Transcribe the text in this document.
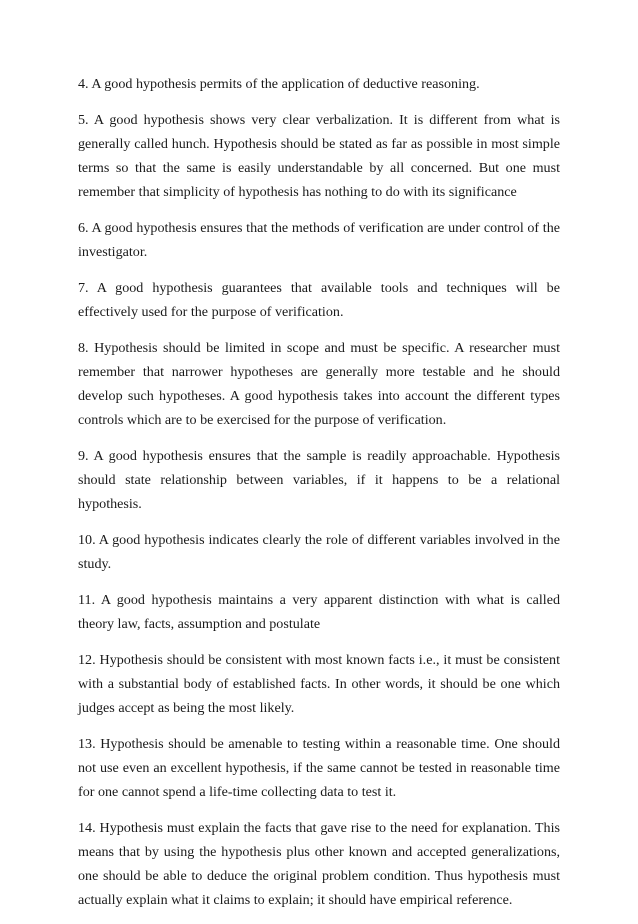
4. A good hypothesis permits of the application of deductive reasoning.

5. A good hypothesis shows very clear verbalization. It is different from what is generally called hunch. Hypothesis should be stated as far as possible in most simple terms so that the same is easily understandable by all concerned. But one must remember that simplicity of hypothesis has nothing to do with its significance

6. A good hypothesis ensures that the methods of verification are under control of the investigator.

7. A good hypothesis guarantees that available tools and techniques will be effectively used for the purpose of verification.

8. Hypothesis should be limited in scope and must be specific. A researcher must remember that narrower hypotheses are generally more testable and he should develop such hypotheses. A good hypothesis takes into account the different types controls which are to be exercised for the purpose of verification.

9. A good hypothesis ensures that the sample is readily approachable. Hypothesis should state relationship between variables, if it happens to be a relational hypothesis.

10. A good hypothesis indicates clearly the role of different variables involved in the study.

11. A good hypothesis maintains a very apparent distinction with what is called theory law, facts, assumption and postulate

12. Hypothesis should be consistent with most known facts i.e., it must be consistent with a substantial body of established facts. In other words, it should be one which judges accept as being the most likely.

13. Hypothesis should be amenable to testing within a reasonable time. One should not use even an excellent hypothesis, if the same cannot be tested in reasonable time for one cannot spend a life-time collecting data to test it.

14. Hypothesis must explain the facts that gave rise to the need for explanation. This means that by using the hypothesis plus other known and accepted generalizations, one should be able to deduce the original problem condition. Thus hypothesis must actually explain what it claims to explain; it should have empirical reference.
